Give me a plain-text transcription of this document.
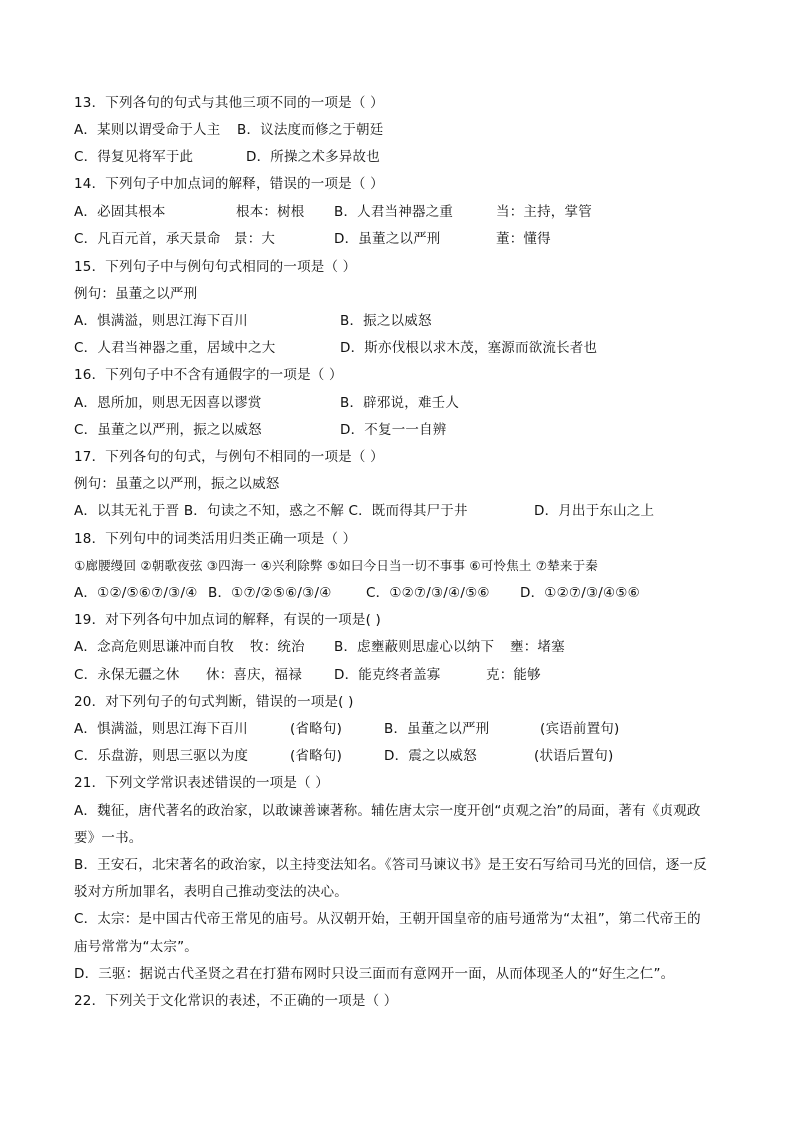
13．下列各句的句式与其他三项不同的一项是（ ）
A．某则以谓受命于人主 B．议法度而修之于朝廷
C．得复见将军于此	D．所操之术多异故也
14．下列句子中加点词的解释，错误的一项是（ ）
A．必固其根本	根本：树根 B．人君当神器之重	当：主持，掌管
C．凡百元首，承天景命 景：大	D．虽董之以严刑	董：懂得
15．下列句子中与例句句式相同的一项是（ ）
例句：虽董之以严刑
A．惧满溢，则思江海下百川	B．振之以威怒
C．人君当神器之重，居域中之大	D．斯亦伐根以求木茂，塞源而欲流长者也
16．下列句子中不含有通假字的一项是（ ）
A．恩所加，则思无因喜以谬赏	B．辟邪说，难壬人
C．虽董之以严刑，振之以威怒	D．不复一一自辨
17．下列各句的句式，与例句不相同的一项是（ ）
例句：虽董之以严刑，振之以威怒
A．以其无礼于晋 B．句读之不知，惑之不解 C．既而得其尸于井	D．月出于东山之上
18．下列句中的词类活用归类正确一项是（ ）
①廊腰缦回 ②朝歌夜弦 ③四海一 ④兴利除弊 ⑤如曰今日当一切不事事 ⑥可怜焦土 ⑦辇来于秦
A．①②/⑤⑥⑦/③/④ B．①⑦/②⑤⑥/③/④	C．①②⑦/③/④/⑤⑥ D．①②⑦/③/④⑤⑥
19．对下列各句中加点词的解释，有误的一项是( )
A．念高危则思谦冲而自牧 牧：统治 B．虑壅蔽则思虚心以纳下 壅：堵塞
C．永保无疆之休 休：喜庆，福禄 D．能克终者盖寡	克：能够
20．对下列句子的句式判断，错误的一项是( )
A．惧满溢，则思江海下百川	(省略句)	B．虽董之以严刑	(宾语前置句)
C．乐盘游，则思三驱以为度	(省略句)	D．震之以威怒	(状语后置句)
21．下列文学常识表述错误的一项是（ ）
A．魏征，唐代著名的政治家，以敢谏善谏著称。辅佐唐太宗一度开创“贞观之治”的局面，著有《贞观政
要》一书。
B．王安石，北宋著名的政治家，以主持变法知名。《答司马谏议书》是王安石写给司马光的回信，逐一反
驳对方所加罪名，表明自己推动变法的决心。
C．太宗：是中国古代帝王常见的庙号。从汉朝开始，王朝开国皇帝的庙号通常为“太祖”，第二代帝王的
庙号常常为“太宗”。
D．三驱：据说古代圣贤之君在打猎布网时只设三面而有意网开一面，从而体现圣人的“好生之仁”。
22．下列关于文化常识的表述，不正确的一项是（ ）
